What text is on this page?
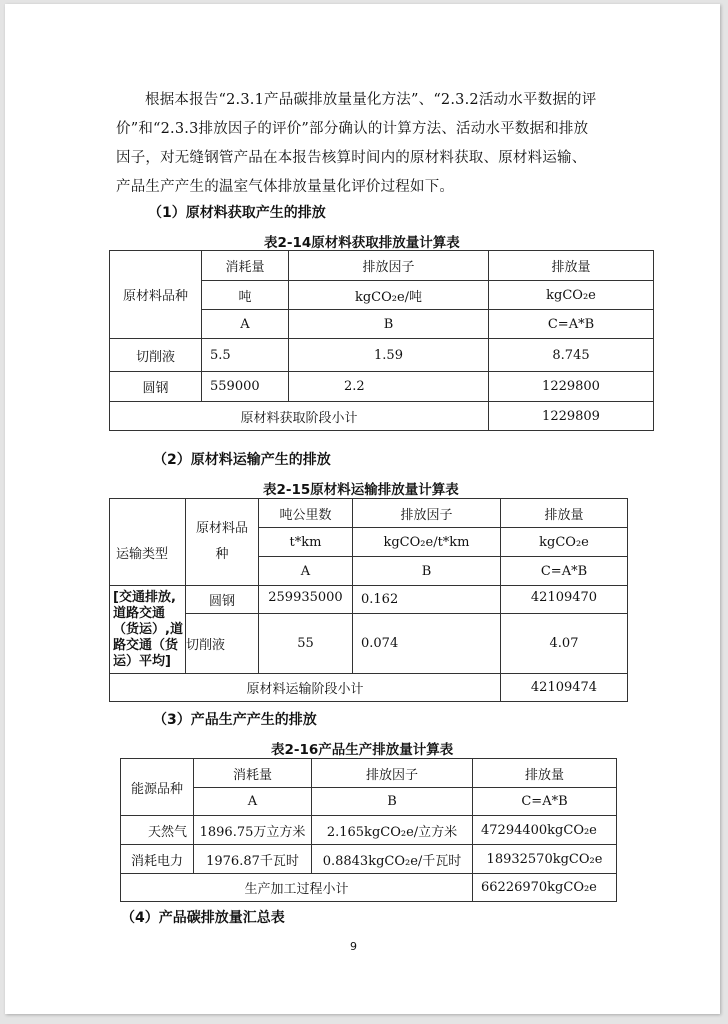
根据本报告“2.3.1产品碳排放量量化方法”、“2.3.2活动水平数据的评
价”和“2.3.3排放因子的评价”部分确认的计算方法、活动水平数据和排放
因子，对无缝钢管产品在本报告核算时间内的原材料获取、原材料运输、
产品生产产生的温室气体排放量量化评价过程如下。
（1）原材料获取产生的排放
表2-14原材料获取排放量计算表
原材料品种	消耗量	排放因子	排放量
	吨	kgCO₂e/吨	kgCO₂e
	A	B	C=A*B
切削液	5.5	1.59	8.745
圆钢	559000	2.2	1229800
原材料获取阶段小计			1229809
（2）原材料运输产生的排放
表2-15原材料运输排放量计算表
运输类型	原材料品种	吨公里数	排放因子	排放量
		t*km	kgCO₂e/t*km	kgCO₂e
		A	B	C=A*B
[交通排放,道路交通（货运）,道路交通（货运）平均]	圆钢	259935000	0.162	42109470
	切削液	55	0.074	4.07
原材料运输阶段小计				42109474
（3）产品生产产生的排放
表2-16产品生产排放量计算表
能源品种	消耗量	排放因子	排放量
	A	B	C=A*B
天然气	1896.75万立方米	2.165kgCO₂e/立方米	47294400kgCO₂e
消耗电力	1976.87千瓦时	0.8843kgCO₂e/千瓦时	18932570kgCO₂e
生产加工过程小计			66226970kgCO₂e
（4）产品碳排放量汇总表
9
